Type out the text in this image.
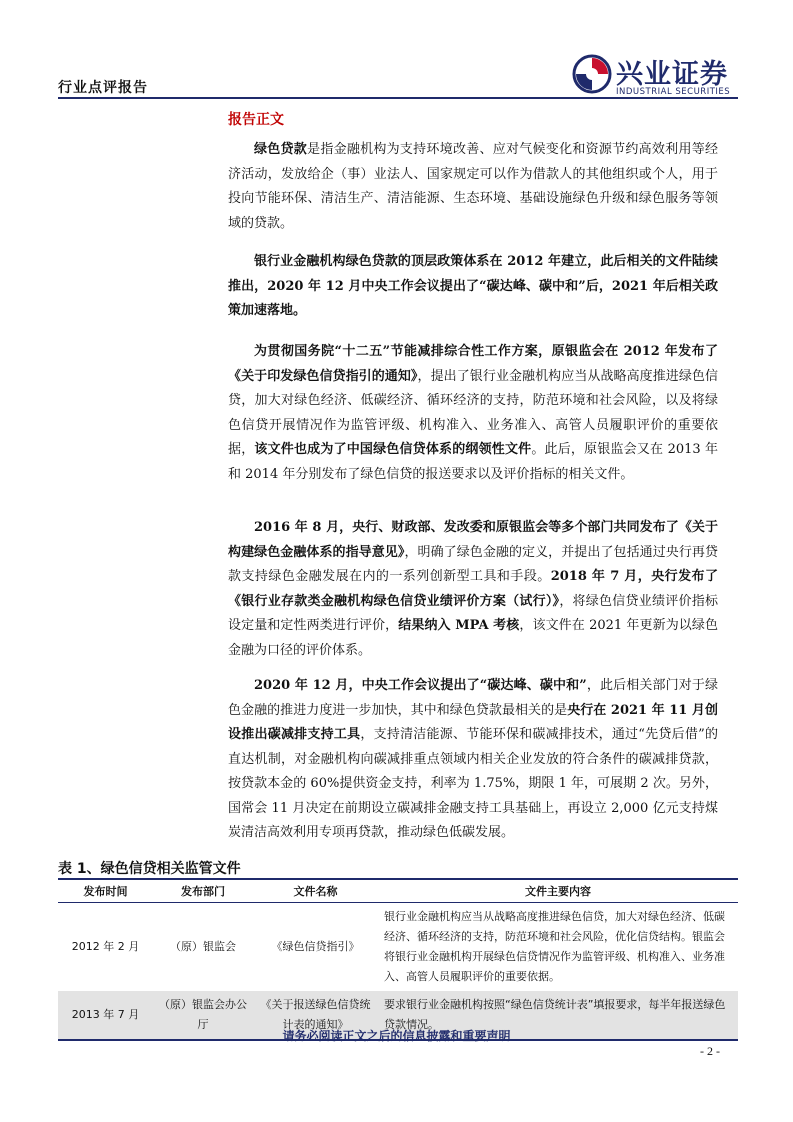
行业点评报告	兴业证券
INDUSTRIAL SECURITIES
报告正文

绿色贷款是指金融机构为支持环境改善、应对气候变化和资源节约高效利用等经济活动，发放给企（事）业法人、国家规定可以作为借款人的其他组织或个人，用于投向节能环保、清洁生产、清洁能源、生态环境、基础设施绿色升级和绿色服务等领域的贷款。

银行业金融机构绿色贷款的顶层政策体系在 2012 年建立，此后相关的文件陆续推出，2020 年 12 月中央工作会议提出了“碳达峰、碳中和”后，2021 年后相关政策加速落地。

为贯彻国务院“十二五”节能减排综合性工作方案，原银监会在 2012 年发布了《关于印发绿色信贷指引的通知》，提出了银行业金融机构应当从战略高度推进绿色信贷，加大对绿色经济、低碳经济、循环经济的支持，防范环境和社会风险，以及将绿色信贷开展情况作为监管评级、机构准入、业务准入、高管人员履职评价的重要依据，该文件也成为了中国绿色信贷体系的纲领性文件。此后，原银监会又在 2013 年和 2014 年分别发布了绿色信贷的报送要求以及评价指标的相关文件。

2016 年 8 月，央行、财政部、发改委和原银监会等多个部门共同发布了《关于构建绿色金融体系的指导意见》，明确了绿色金融的定义，并提出了包括通过央行再贷款支持绿色金融发展在内的一系列创新型工具和手段。2018 年 7 月，央行发布了《银行业存款类金融机构绿色信贷业绩评价方案（试行）》，将绿色信贷业绩评价指标设定量和定性两类进行评价，结果纳入 MPA 考核，该文件在 2021 年更新为以绿色金融为口径的评价体系。

2020 年 12 月，中央工作会议提出了“碳达峰、碳中和”，此后相关部门对于绿色金融的推进力度进一步加快，其中和绿色贷款最相关的是央行在 2021 年 11 月创设推出碳减排支持工具，支持清洁能源、节能环保和碳减排技术，通过“先贷后借”的直达机制，对金融机构向碳减排重点领域内相关企业发放的符合条件的碳减排贷款，按贷款本金的 60%提供资金支持，利率为 1.75%，期限 1 年，可展期 2 次。另外，国常会 11 月决定在前期设立碳减排金融支持工具基础上，再设立 2,000 亿元支持煤炭清洁高效利用专项再贷款，推动绿色低碳发展。

表 1、绿色信贷相关监管文件
发布时间	发布部门	文件名称	文件主要内容
2012 年 2 月	（原）银监会	《绿色信贷指引》	银行业金融机构应当从战略高度推进绿色信贷，加大对绿色经济、低碳经济、循环经济的支持，防范环境和社会风险，优化信贷结构。银监会将银行业金融机构开展绿色信贷情况作为监管评级、机构准入、业务准入、高管人员履职评价的重要依据。
2013 年 7 月	（原）银监会办公厅	《关于报送绿色信贷统计表的通知》	要求银行业金融机构按照“绿色信贷统计表”填报要求，每半年报送绿色贷款情况。
请务必阅读正文之后的信息披露和重要声明
- 2 -
